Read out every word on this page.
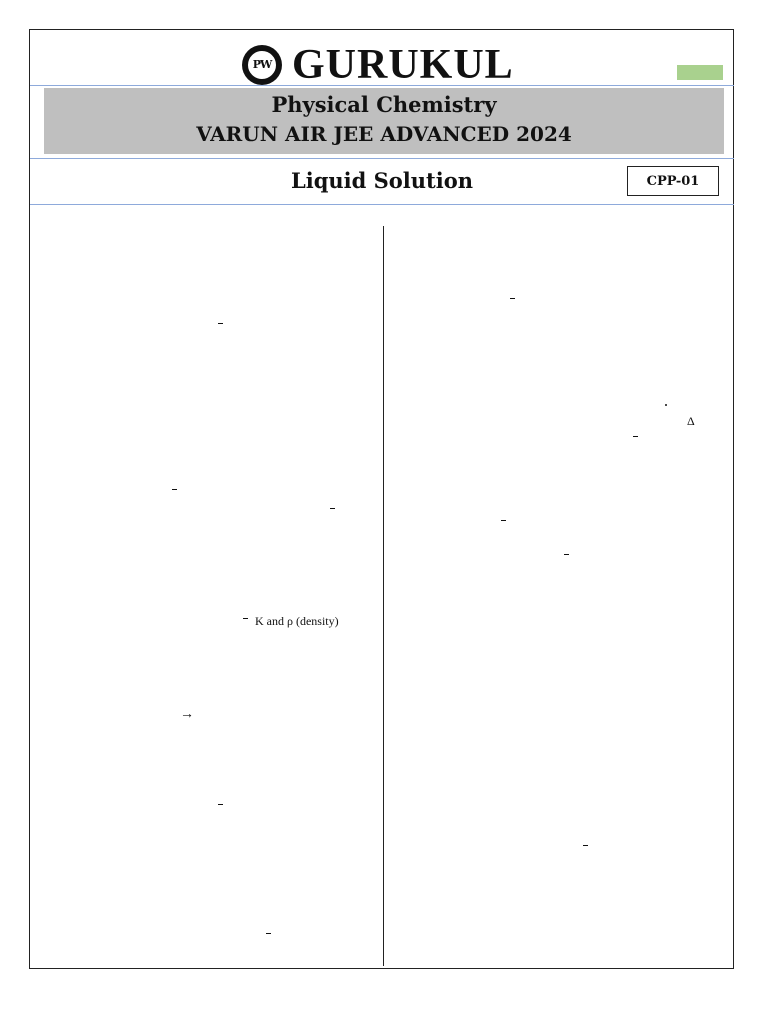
PW GURUKUL
Physical Chemistry
VARUN AIR JEE ADVANCED 2024
Liquid Solution	CPP-01
K and ρ (density)
→
Δ
